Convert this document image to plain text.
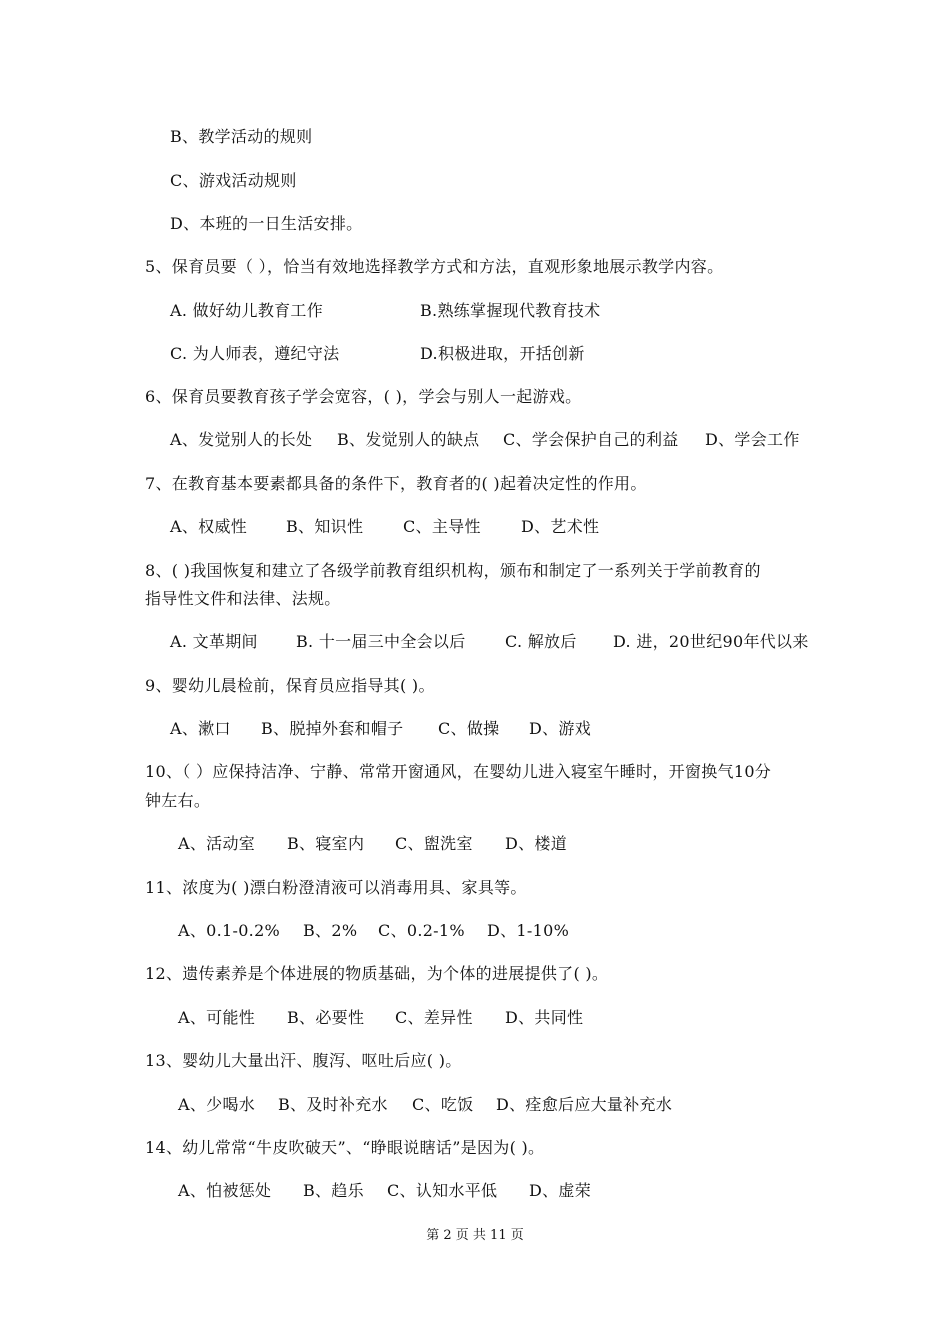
B、教学活动的规则
C、游戏活动规则
D、本班的一日生活安排。
5、保育员要（ ），恰当有效地选择教学方式和方法，直观形象地展示教学内容。
A. 做好幼儿教育工作	B.熟练掌握现代教育技术
C. 为人师表，遵纪守法	D.积极进取，开括创新
6、保育员要教育孩子学会宽容，( )，学会与别人一起游戏。
A、发觉别人的长处 B、发觉别人的缺点 C、学会保护自己的利益 D、学会工作
7、在教育基本要素都具备的条件下，教育者的( )起着决定性的作用。
A、权威性 B、知识性 C、主导性	D、艺术性
8、( )我国恢复和建立了各级学前教育组织机构，颁布和制定了一系列关于学前教育的
指导性文件和法律、法规。
A. 文革期间 B. 十一届三中全会以后 C. 解放后 D. 进，20世纪90年代以来
9、婴幼儿晨检前，保育员应指导其( )。
A、漱口 B、脱掉外套和帽子 C、做操 D、游戏
10、（ ）应保持洁净、宁静、常常开窗通风，在婴幼儿进入寝室午睡时，开窗换气10分
钟左右。
A、活动室 B、寝室内 C、盥洗室 D、楼道
11、浓度为( )漂白粉澄清液可以消毒用具、家具等。
A、0.1-0.2% B、2% C、0.2-1% D、1-10%
12、遗传素养是个体进展的物质基础，为个体的进展提供了( )。
A、可能性 B、必要性 C、差异性 D、共同性
13、婴幼儿大量出汗、腹泻、呕吐后应( )。
A、少喝水 B、及时补充水 C、吃饭 D、痊愈后应大量补充水
14、幼儿常常“牛皮吹破天”、“睁眼说瞎话”是因为( )。
A、怕被惩处 B、趋乐 C、认知水平低 D、虚荣
第 2 页 共 11 页
